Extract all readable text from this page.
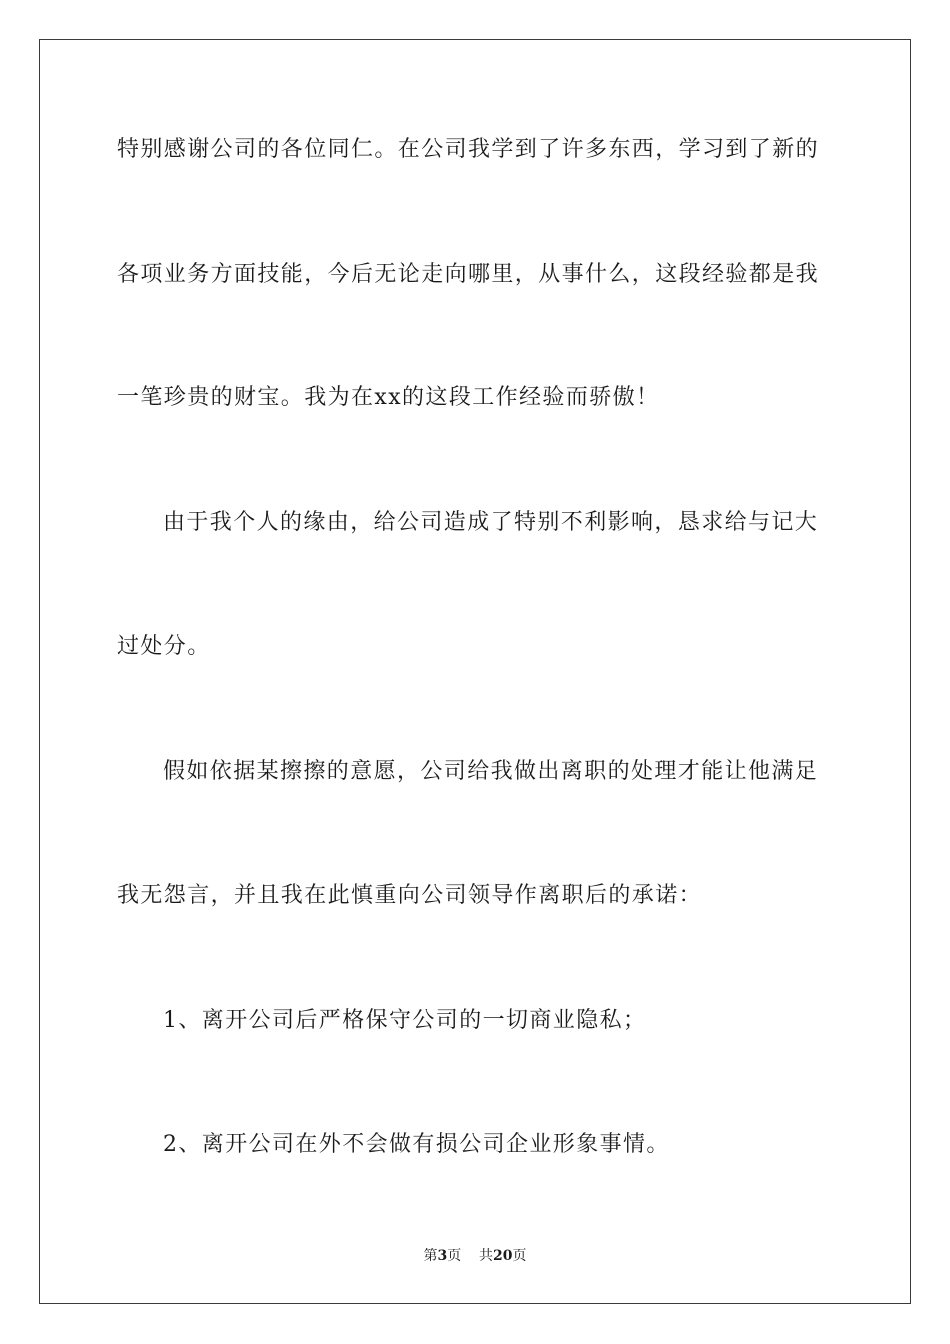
特别感谢公司的各位同仁。在公司我学到了许多东西，学习到了新的
各项业务方面技能，今后无论走向哪里，从事什么，这段经验都是我
一笔珍贵的财宝。我为在xx的这段工作经验而骄傲！
由于我个人的缘由，给公司造成了特别不利影响，恳求给与记大
过处分。
假如依据某擦擦的意愿，公司给我做出离职的处理才能让他满足
我无怨言，并且我在此慎重向公司领导作离职后的承诺：
1、离开公司后严格保守公司的一切商业隐私；
2、离开公司在外不会做有损公司企业形象事情。
第3页 共20页
